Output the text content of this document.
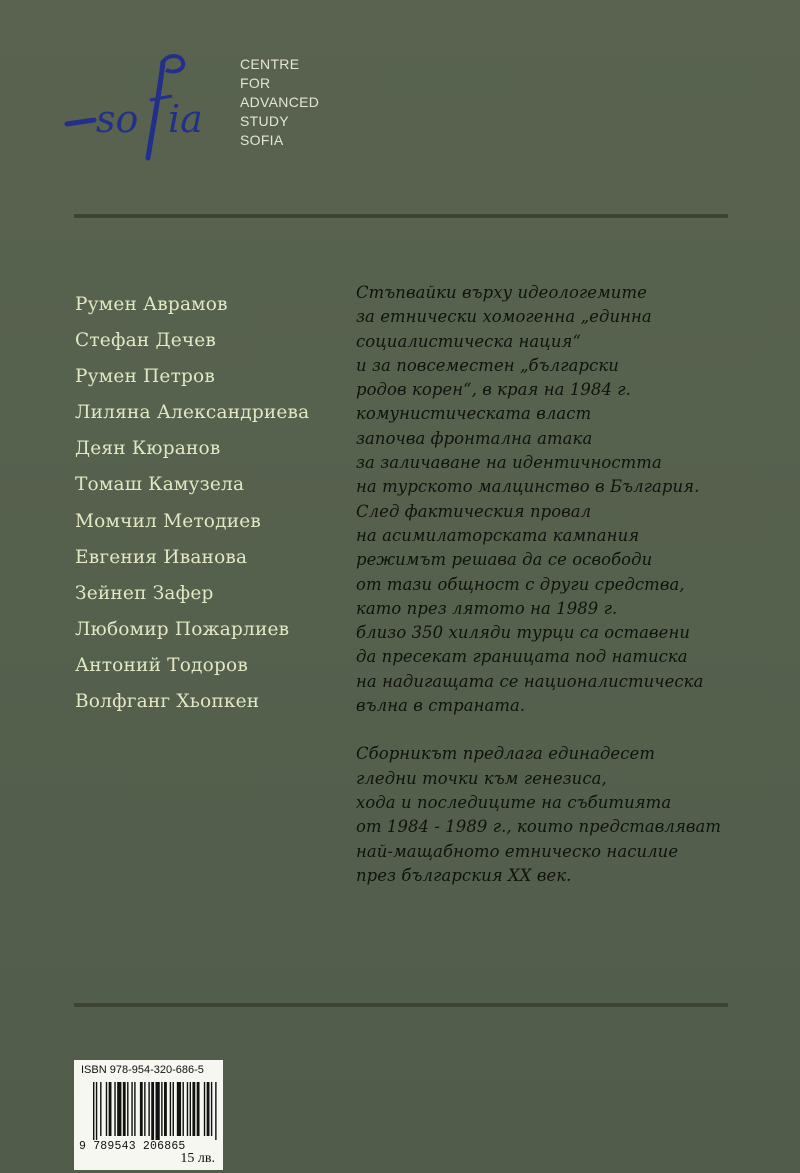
so ia
CENTRE
FOR
ADVANCED
STUDY
SOFIA
Румен Аврамов
Стефан Дечев
Румен Петров
Лиляна Александриева
Деян Кюранов
Томаш Камузела
Момчил Методиев
Евгения Иванова
Зейнеп Зафер
Любомир Пожарлиев
Антоний Тодоров
Волфганг Хьопкен

Стъпвайки върху идеологемите
за етнически хомогенна „единна
социалистическа нация“
и за повсеместен „български
родов корен“, в края на 1984 г.
комунистическата власт
започва фронтална атака
за заличаване на идентичността
на турското малцинство в България.
След фактическия провал
на асимилаторската кампания
режимът решава да се освободи
от тази общност с други средства,
като през лятото на 1989 г.
близо 350 хиляди турци са оставени
да пресекат границата под натиска
на надигащата се националистическа
вълна в страната.

Сборникът предлага единадесет
гледни точки към генезиса,
хода и последиците на събитията
от 1984 - 1989 г., които представляват
най-мащабното етническо насилие
през българския XX век.

ISBN 978-954-320-686-5
9 789543 206865
15 лв.
